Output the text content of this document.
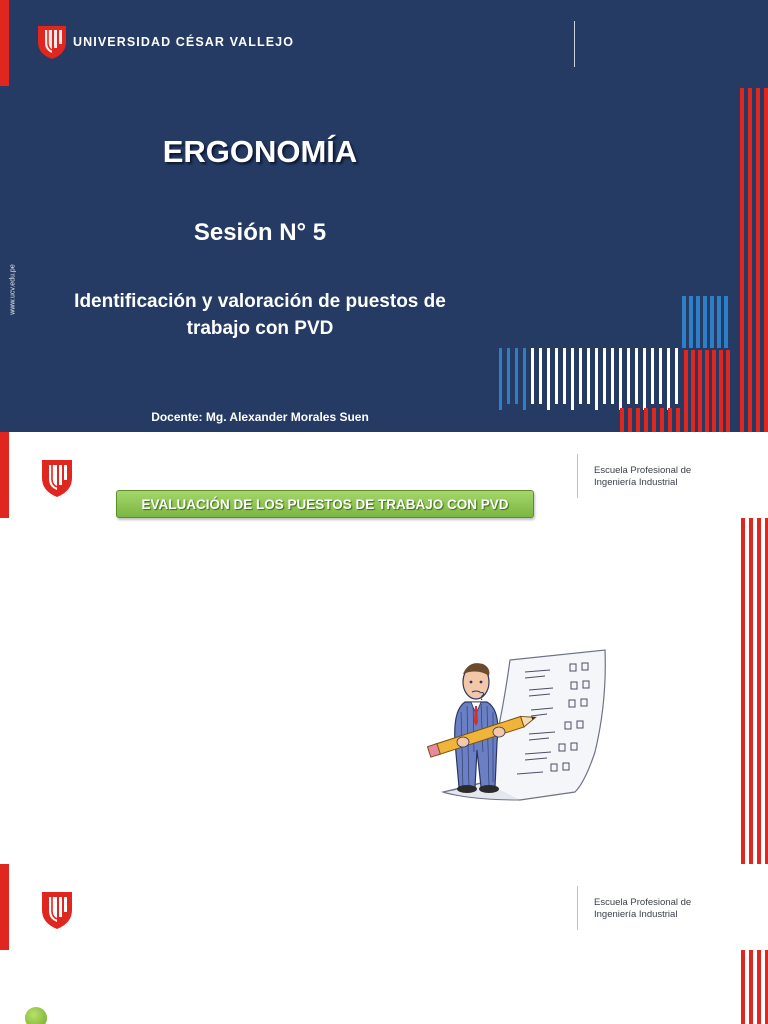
UNIVERSIDAD CÉSAR VALLEJO
www.ucv.edu.pe
ERGONOMÍA
Sesión N° 5

Identificación y valoración de puestos de
trabajo con PVD

Docente: Mg. Alexander Morales Suen
Escuela Profesional de
Ingeniería Industrial
EVALUACIÓN DE LOS PUESTOS DE TRABAJO CON PVD
?
Escuela Profesional de
Ingeniería Industrial
